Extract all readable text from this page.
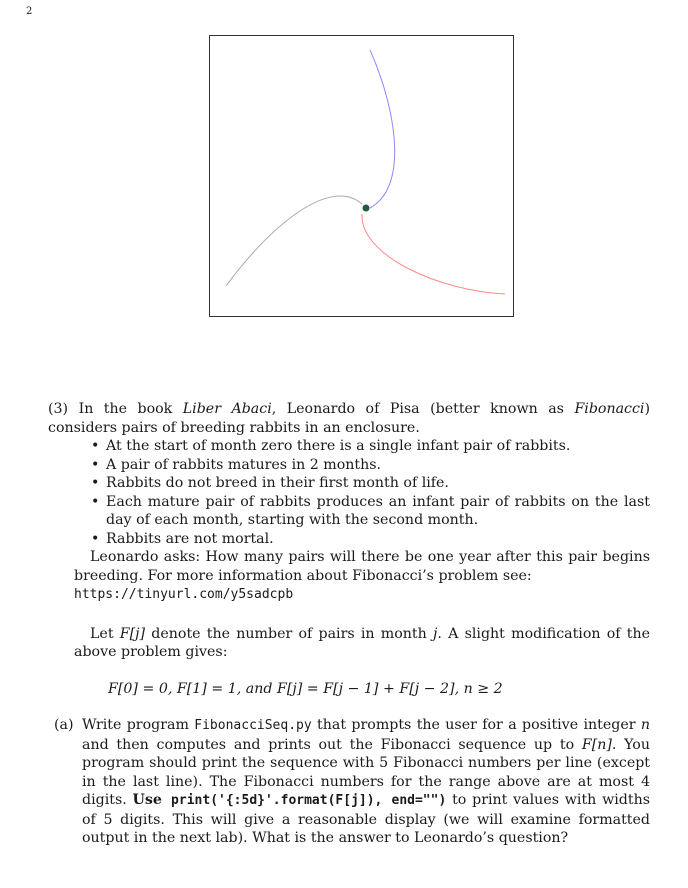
2

(3) In the book Liber Abaci, Leonardo of Pisa (better known as Fibonacci) considers pairs of breeding rabbits in an enclosure.

• At the start of month zero there is a single infant pair of rabbits.
• A pair of rabbits matures in 2 months.
• Rabbits do not breed in their first month of life.
• Each mature pair of rabbits produces an infant pair of rabbits on the last day of each month, starting with the second month.
• Rabbits are not mortal.

Leonardo asks: How many pairs will there be one year after this pair begins breeding. For more information about Fibonacci’s problem see:

https://tinyurl.com/y5sadcpb

Let F[j] denote the number of pairs in month j. A slight modification of the above problem gives:

F[0] = 0, F[1] = 1, and F[j] = F[j − 1] + F[j − 2], n ≥ 2
(a) Write program FibonacciSeq.py that prompts the user for a positive integer n and then computes and prints out the Fibonacci sequence up to F[n]. You program should print the sequence with 5 Fibonacci numbers per line (except in the last line). The Fibonacci numbers for the range above are at most 4 digits. Use print('{:5d}'.format(F[j]), end="") to print values with widths of 5 digits. This will give a reasonable display (we will examine formatted output in the next lab). What is the answer to Leonardo’s question?
